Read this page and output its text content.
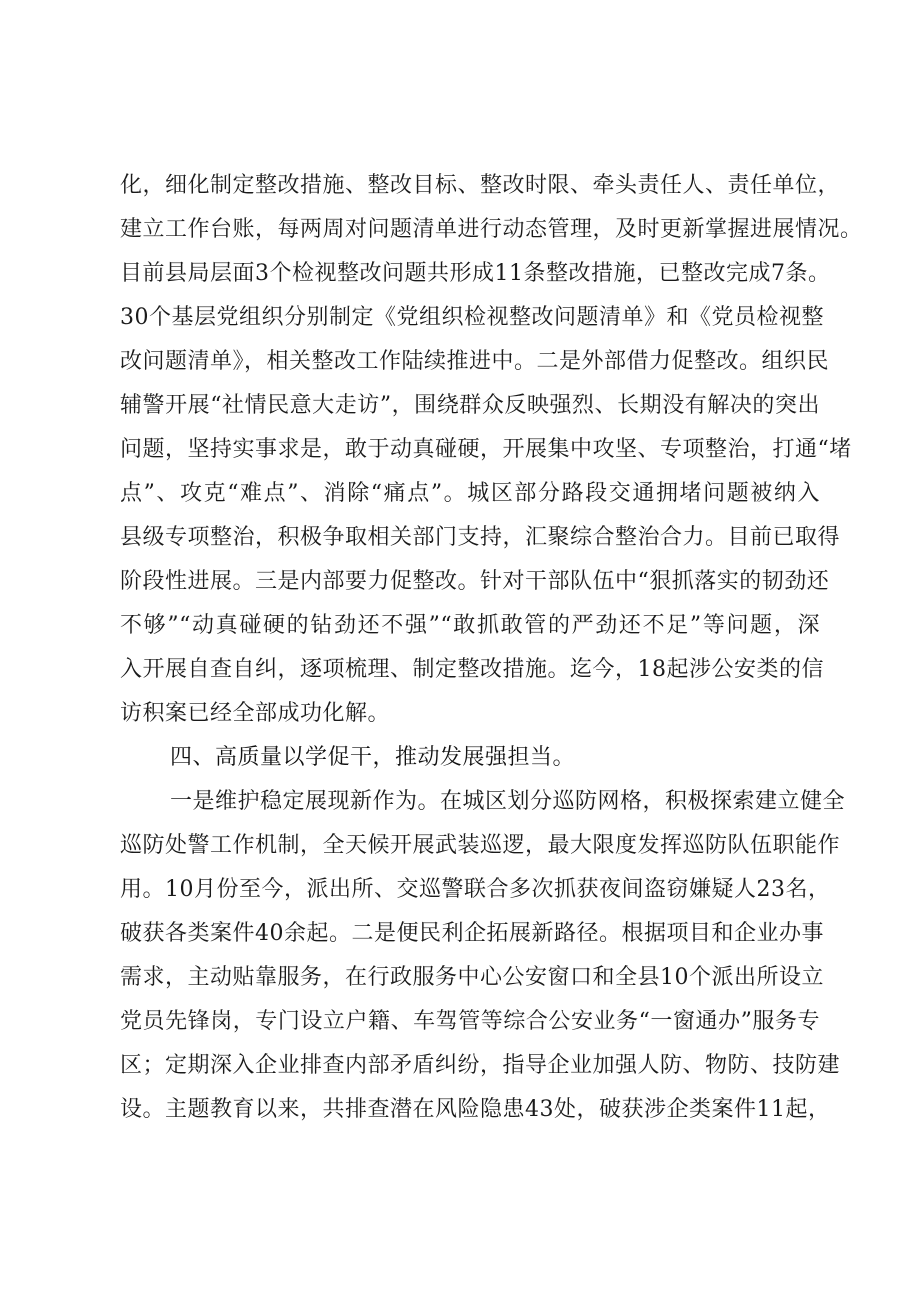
化，细化制定整改措施、整改目标、整改时限、牵头责任人、责任单位，
建立工作台账，每两周对问题清单进行动态管理，及时更新掌握进展情况。
目前县局层面3个检视整改问题共形成11条整改措施，已整改完成7条。
30个基层党组织分别制定《党组织检视整改问题清单》和《党员检视整
改问题清单》，相关整改工作陆续推进中。二是外部借力促整改。组织民
辅警开展“社情民意大走访”，围绕群众反映强烈、长期没有解决的突出
问题，坚持实事求是，敢于动真碰硬，开展集中攻坚、专项整治，打通“堵
点”、攻克“难点”、消除“痛点”。城区部分路段交通拥堵问题被纳入
县级专项整治，积极争取相关部门支持，汇聚综合整治合力。目前已取得
阶段性进展。三是内部要力促整改。针对干部队伍中“狠抓落实的韧劲还
不够”“动真碰硬的钻劲还不强”“敢抓敢管的严劲还不足”等问题，深
入开展自查自纠，逐项梳理、制定整改措施。迄今，18起涉公安类的信
访积案已经全部成功化解。
四、高质量以学促干，推动发展强担当。
一是维护稳定展现新作为。在城区划分巡防网格，积极探索建立健全
巡防处警工作机制，全天候开展武装巡逻，最大限度发挥巡防队伍职能作
用。10月份至今，派出所、交巡警联合多次抓获夜间盗窃嫌疑人23名，
破获各类案件40余起。二是便民利企拓展新路径。根据项目和企业办事
需求，主动贴靠服务，在行政服务中心公安窗口和全县10个派出所设立
党员先锋岗，专门设立户籍、车驾管等综合公安业务“一窗通办”服务专
区；定期深入企业排查内部矛盾纠纷，指导企业加强人防、物防、技防建
设。主题教育以来，共排查潜在风险隐患43处，破获涉企类案件11起，
